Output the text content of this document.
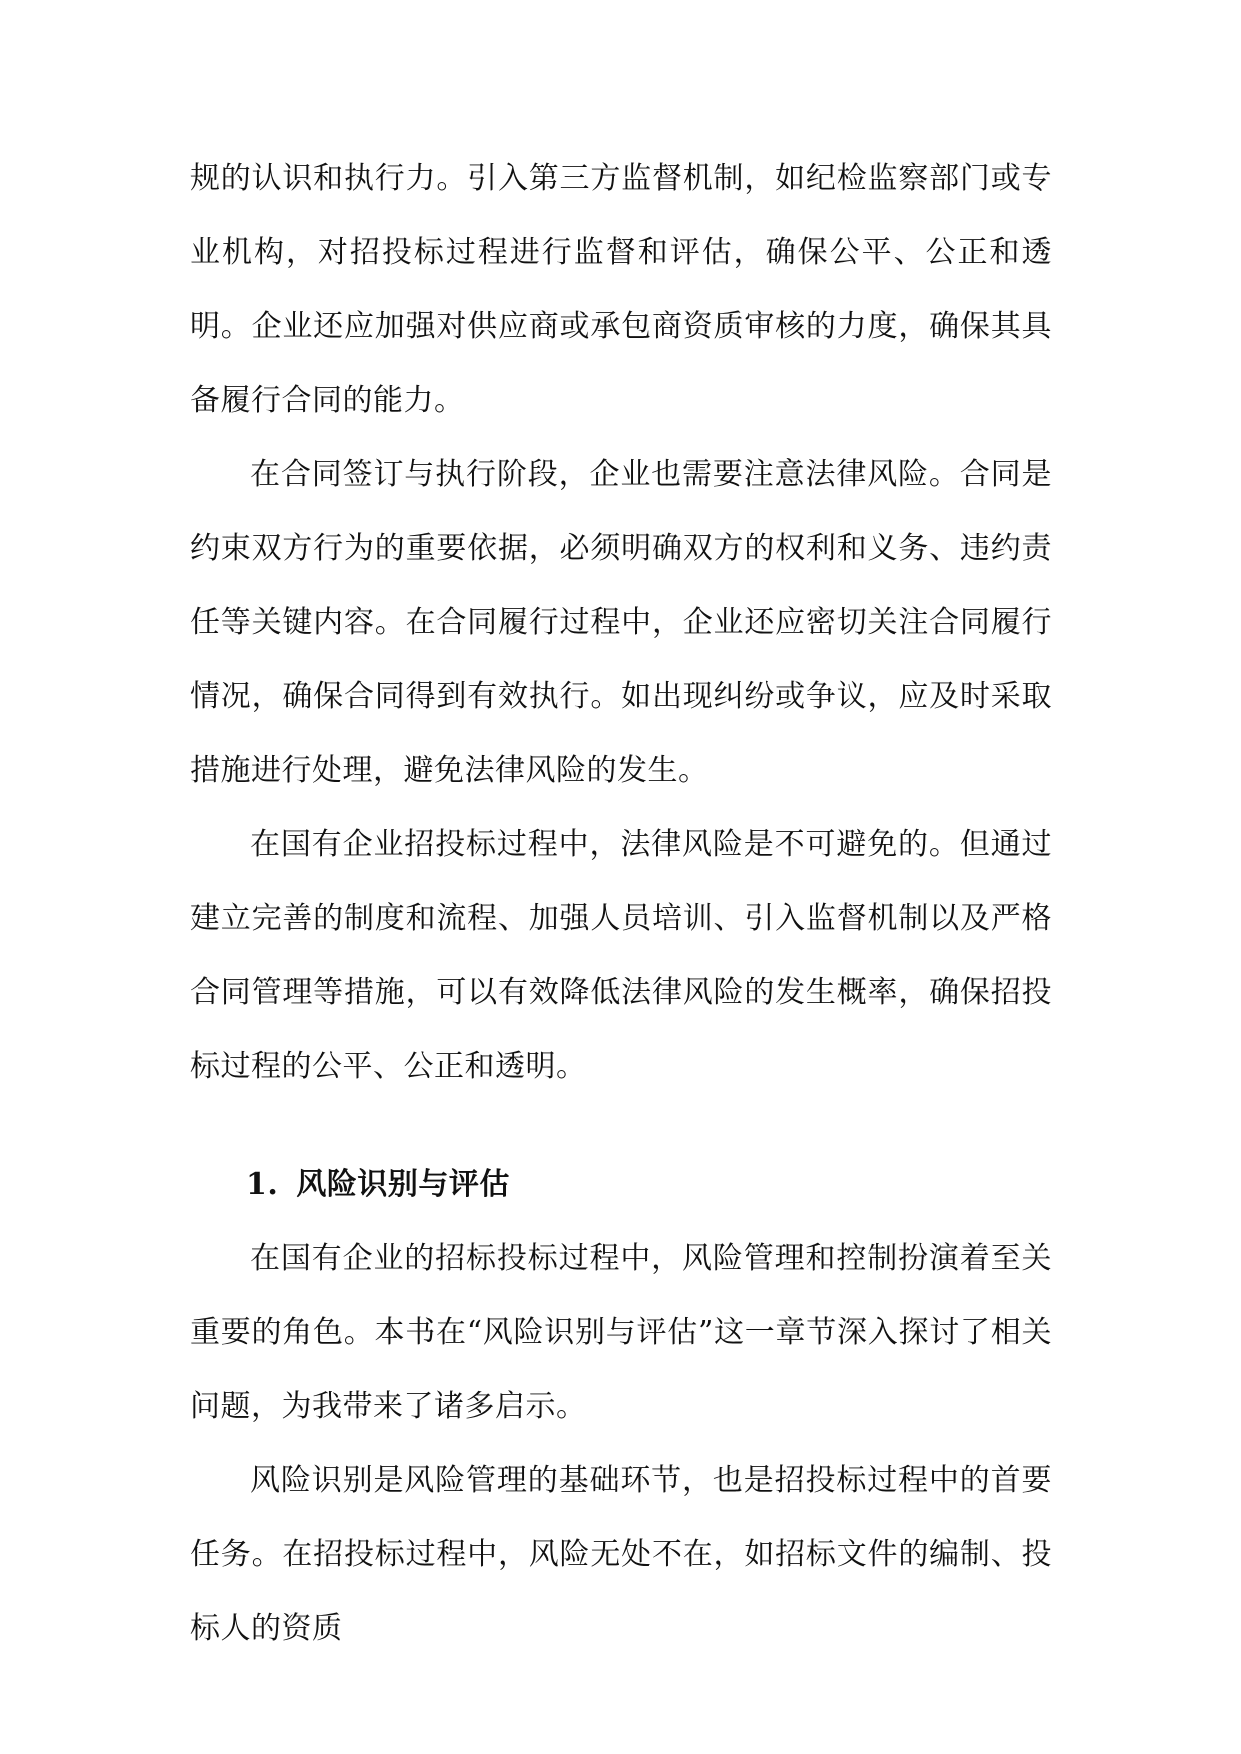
规的认识和执行力。引入第三方监督机制，如纪检监察部门或专业机构，对招投标过程进行监督和评估，确保公平、公正和透明。企业还应加强对供应商或承包商资质审核的力度，确保其具备履行合同的能力。

在合同签订与执行阶段，企业也需要注意法律风险。合同是约束双方行为的重要依据，必须明确双方的权利和义务、违约责任等关键内容。在合同履行过程中，企业还应密切关注合同履行情况，确保合同得到有效执行。如出现纠纷或争议，应及时采取措施进行处理，避免法律风险的发生。

在国有企业招投标过程中，法律风险是不可避免的。但通过建立完善的制度和流程、加强人员培训、引入监督机制以及严格合同管理等措施，可以有效降低法律风险的发生概率，确保招投标过程的公平、公正和透明。

1. 风险识别与评估

在国有企业的招标投标过程中，风险管理和控制扮演着至关重要的角色。本书在“风险识别与评估”这一章节深入探讨了相关问题，为我带来了诸多启示。

风险识别是风险管理的基础环节，也是招投标过程中的首要任务。在招投标过程中，风险无处不在，如招标文件的编制、投标人的资质
